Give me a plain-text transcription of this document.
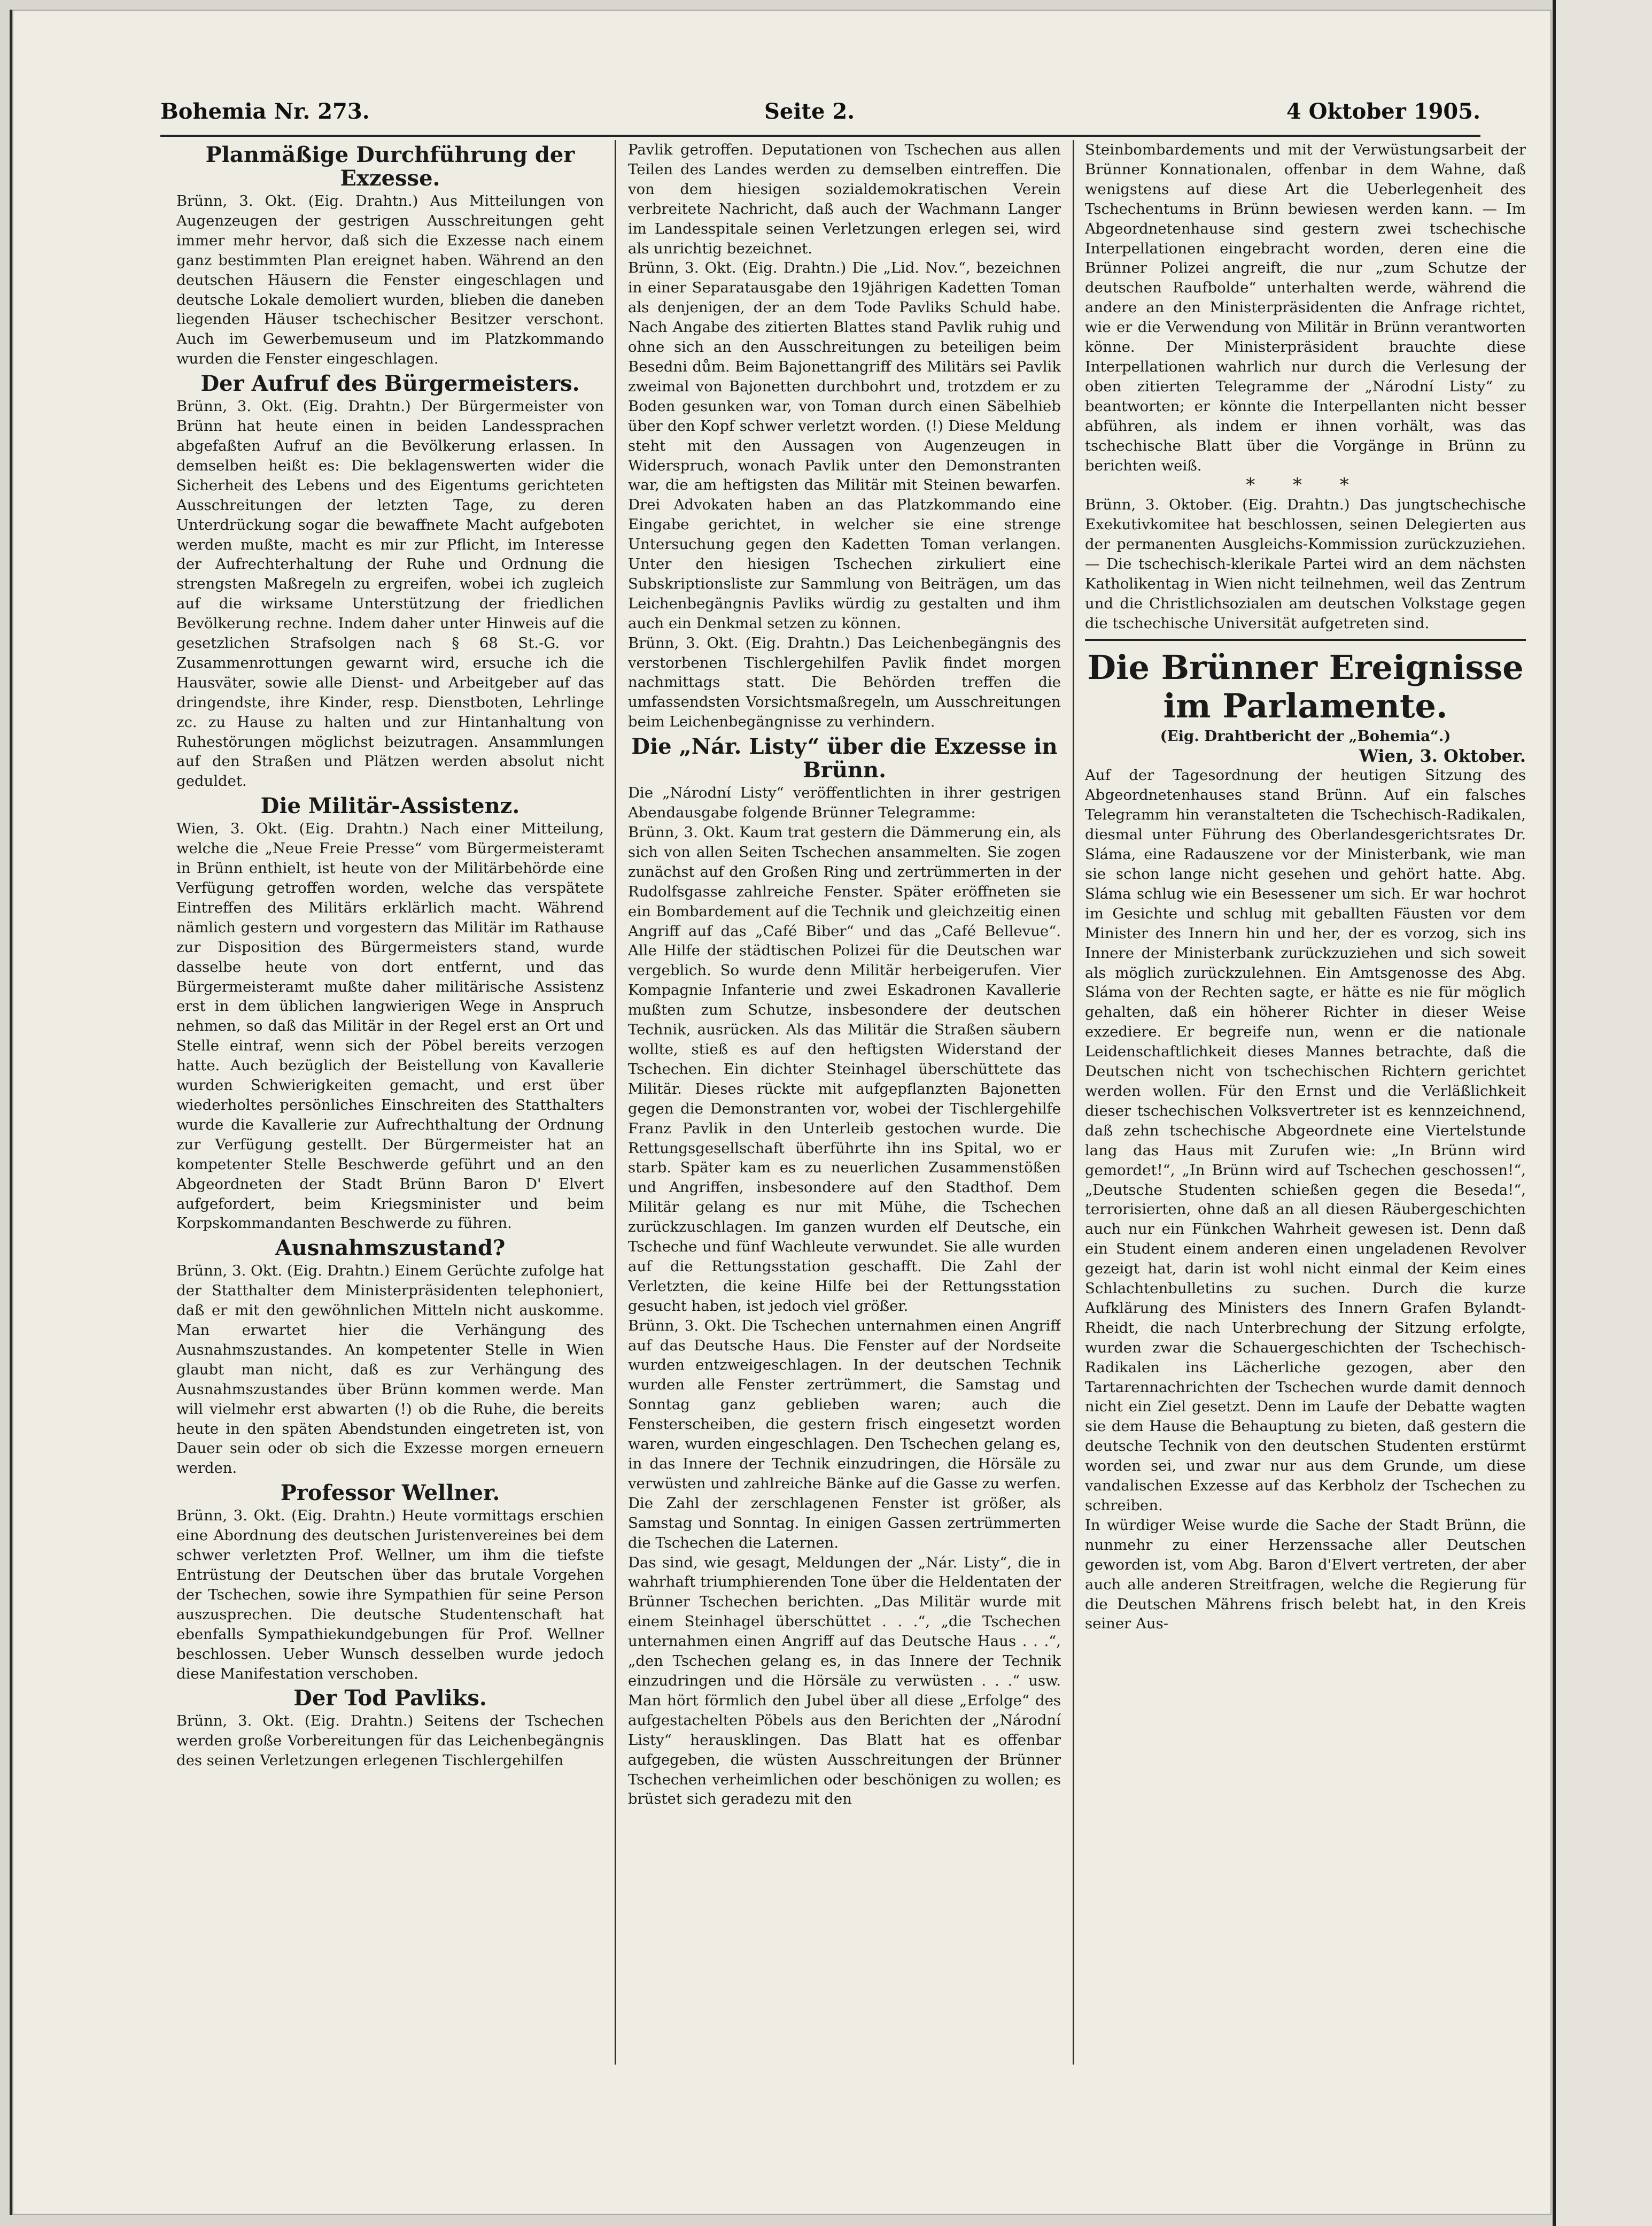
Bohemia Nr. 273.	Seite 2.	4 Oktober 1905.
Planmäßige Durchführung der Exzesse.

Brünn, 3. Okt. (Eig. Drahtn.) Aus Mitteilungen von Augenzeugen der gestrigen Ausschreitungen geht immer mehr hervor, daß sich die Exzesse nach einem ganz bestimmten Plan ereignet haben. Während an den deutschen Häusern die Fenster eingeschlagen und deutsche Lokale demoliert wurden, blieben die daneben liegenden Häuser tschechischer Besitzer verschont. Auch im Gewerbemuseum und im Platzkommando wurden die Fenster eingeschlagen.

Der Aufruf des Bürgermeisters.

Brünn, 3. Okt. (Eig. Drahtn.) Der Bürgermeister von Brünn hat heute einen in beiden Landessprachen abgefaßten Aufruf an die Bevölkerung erlassen. In demselben heißt es: Die beklagenswerten wider die Sicherheit des Lebens und des Eigentums gerichteten Ausschreitungen der letzten Tage, zu deren Unterdrückung sogar die bewaffnete Macht aufgeboten werden mußte, macht es mir zur Pflicht, im Interesse der Aufrechterhaltung der Ruhe und Ordnung die strengsten Maßregeln zu ergreifen, wobei ich zugleich auf die wirksame Unterstützung der friedlichen Bevölkerung rechne. Indem daher unter Hinweis auf die gesetzlichen Strafsolgen nach § 68 St.-G. vor Zusammenrottungen gewarnt wird, ersuche ich die Hausväter, sowie alle Dienst- und Arbeitgeber auf das dringendste, ihre Kinder, resp. Dienstboten, Lehrlinge zc. zu Hause zu halten und zur Hintanhaltung von Ruhestörungen möglichst beizutragen. Ansammlungen auf den Straßen und Plätzen werden absolut nicht geduldet.

Die Militär-Assistenz.

Wien, 3. Okt. (Eig. Drahtn.) Nach einer Mitteilung, welche die „Neue Freie Presse“ vom Bürgermeisteramt in Brünn enthielt, ist heute von der Militärbehörde eine Verfügung getroffen worden, welche das verspätete Eintreffen des Militärs erklärlich macht. Während nämlich gestern und vorgestern das Militär im Rathause zur Disposition des Bürgermeisters stand, wurde dasselbe heute von dort entfernt, und das Bürgermeisteramt mußte daher militärische Assistenz erst in dem üblichen langwierigen Wege in Anspruch nehmen, so daß das Militär in der Regel erst an Ort und Stelle eintraf, wenn sich der Pöbel bereits verzogen hatte. Auch bezüglich der Beistellung von Kavallerie wurden Schwierigkeiten gemacht, und erst über wiederholtes persönliches Einschreiten des Statthalters wurde die Kavallerie zur Aufrechthaltung der Ordnung zur Verfügung gestellt. Der Bürgermeister hat an kompetenter Stelle Beschwerde geführt und an den Abgeordneten der Stadt Brünn Baron D' Elvert aufgefordert, beim Kriegsminister und beim Korpskommandanten Beschwerde zu führen.

Ausnahmszustand?

Brünn, 3. Okt. (Eig. Drahtn.) Einem Gerüchte zufolge hat der Statthalter dem Ministerpräsidenten telephoniert, daß er mit den gewöhnlichen Mitteln nicht auskomme. Man erwartet hier die Verhängung des Ausnahmszustandes. An kompetenter Stelle in Wien glaubt man nicht, daß es zur Verhängung des Ausnahmszustandes über Brünn kommen werde. Man will vielmehr erst abwarten (!) ob die Ruhe, die bereits heute in den späten Abendstunden eingetreten ist, von Dauer sein oder ob sich die Exzesse morgen erneuern werden.

Professor Wellner.

Brünn, 3. Okt. (Eig. Drahtn.) Heute vormittags erschien eine Abordnung des deutschen Juristenvereines bei dem schwer verletzten Prof. Wellner, um ihm die tiefste Entrüstung der Deutschen über das brutale Vorgehen der Tschechen, sowie ihre Sympathien für seine Person auszusprechen. Die deutsche Studentenschaft hat ebenfalls Sympathiekundgebungen für Prof. Wellner beschlossen. Ueber Wunsch desselben wurde jedoch diese Manifestation verschoben.

Der Tod Pavliks.

Brünn, 3. Okt. (Eig. Drahtn.) Seitens der Tschechen werden große Vorbereitungen für das Leichenbegängnis des seinen Verletzungen erlegenen Tischlergehilfen

Pavlik getroffen. Deputationen von Tschechen aus allen Teilen des Landes werden zu demselben eintreffen. Die von dem hiesigen sozialdemokratischen Verein verbreitete Nachricht, daß auch der Wachmann Langer im Landesspitale seinen Verletzungen erlegen sei, wird als unrichtig bezeichnet.

Brünn, 3. Okt. (Eig. Drahtn.) Die „Lid. Nov.“, bezeichnen in einer Separatausgabe den 19jährigen Kadetten Toman als denjenigen, der an dem Tode Pavliks Schuld habe. Nach Angabe des zitierten Blattes stand Pavlik ruhig und ohne sich an den Ausschreitungen zu beteiligen beim Besedni dům. Beim Bajonettangriff des Militärs sei Pavlik zweimal von Bajonetten durchbohrt und, trotzdem er zu Boden gesunken war, von Toman durch einen Säbelhieb über den Kopf schwer verletzt worden. (!) Diese Meldung steht mit den Aussagen von Augenzeugen in Widerspruch, wonach Pavlik unter den Demonstranten war, die am heftigsten das Militär mit Steinen bewarfen. Drei Advokaten haben an das Platzkommando eine Eingabe gerichtet, in welcher sie eine strenge Untersuchung gegen den Kadetten Toman verlangen. Unter den hiesigen Tschechen zirkuliert eine Subskriptionsliste zur Sammlung von Beiträgen, um das Leichenbegängnis Pavliks würdig zu gestalten und ihm auch ein Denkmal setzen zu können.

Brünn, 3. Okt. (Eig. Drahtn.) Das Leichenbegängnis des verstorbenen Tischlergehilfen Pavlik findet morgen nachmittags statt. Die Behörden treffen die umfassendsten Vorsichtsmaßregeln, um Ausschreitungen beim Leichenbegängnisse zu verhindern.

Die „Nár. Listy“ über die Exzesse in Brünn.

Die „Národní Listy“ veröffentlichten in ihrer gestrigen Abendausgabe folgende Brünner Telegramme:

Brünn, 3. Okt. Kaum trat gestern die Dämmerung ein, als sich von allen Seiten Tschechen ansammelten. Sie zogen zunächst auf den Großen Ring und zertrümmerten in der Rudolfsgasse zahlreiche Fenster. Später eröffneten sie ein Bombardement auf die Technik und gleichzeitig einen Angriff auf das „Café Biber“ und das „Café Bellevue“. Alle Hilfe der städtischen Polizei für die Deutschen war vergeblich. So wurde denn Militär herbeigerufen. Vier Kompagnie Infanterie und zwei Eskadronen Kavallerie mußten zum Schutze, insbesondere der deutschen Technik, ausrücken. Als das Militär die Straßen säubern wollte, stieß es auf den heftigsten Widerstand der Tschechen. Ein dichter Steinhagel überschüttete das Militär. Dieses rückte mit aufgepflanzten Bajonetten gegen die Demonstranten vor, wobei der Tischlergehilfe Franz Pavlik in den Unterleib gestochen wurde. Die Rettungsgesellschaft überführte ihn ins Spital, wo er starb. Später kam es zu neuerlichen Zusammenstößen und Angriffen, insbesondere auf den Stadthof. Dem Militär gelang es nur mit Mühe, die Tschechen zurückzuschlagen. Im ganzen wurden elf Deutsche, ein Tscheche und fünf Wachleute verwundet. Sie alle wurden auf die Rettungsstation geschafft. Die Zahl der Verletzten, die keine Hilfe bei der Rettungsstation gesucht haben, ist jedoch viel größer.

Brünn, 3. Okt. Die Tschechen unternahmen einen Angriff auf das Deutsche Haus. Die Fenster auf der Nordseite wurden entzweigeschlagen. In der deutschen Technik wurden alle Fenster zertrümmert, die Samstag und Sonntag ganz geblieben waren; auch die Fensterscheiben, die gestern frisch eingesetzt worden waren, wurden eingeschlagen. Den Tschechen gelang es, in das Innere der Technik einzudringen, die Hörsäle zu verwüsten und zahlreiche Bänke auf die Gasse zu werfen. Die Zahl der zerschlagenen Fenster ist größer, als Samstag und Sonntag. In einigen Gassen zertrümmerten die Tschechen die Laternen.

Das sind, wie gesagt, Meldungen der „Nár. Listy“, die in wahrhaft triumphierenden Tone über die Heldentaten der Brünner Tschechen berichten. „Das Militär wurde mit einem Steinhagel überschüttet . . .“, „die Tschechen unternahmen einen Angriff auf das Deutsche Haus . . .“, „den Tschechen gelang es, in das Innere der Technik einzudringen und die Hörsäle zu verwüsten . . .“ usw. Man hört förmlich den Jubel über all diese „Erfolge“ des aufgestachelten Pöbels aus den Berichten der „Národní Listy“ herausklingen. Das Blatt hat es offenbar aufgegeben, die wüsten Ausschreitungen der Brünner Tschechen verheimlichen oder beschönigen zu wollen; es brüstet sich geradezu mit den

Steinbombardements und mit der Verwüstungsarbeit der Brünner Konnationalen, offenbar in dem Wahne, daß wenigstens auf diese Art die Ueberlegenheit des Tschechentums in Brünn bewiesen werden kann. — Im Abgeordnetenhause sind gestern zwei tschechische Interpellationen eingebracht worden, deren eine die Brünner Polizei angreift, die nur „zum Schutze der deutschen Raufbolde“ unterhalten werde, während die andere an den Ministerpräsidenten die Anfrage richtet, wie er die Verwendung von Militär in Brünn verantworten könne. Der Ministerpräsident brauchte diese Interpellationen wahrlich nur durch die Verlesung der oben zitierten Telegramme der „Národní Listy“ zu beantworten; er könnte die Interpellanten nicht besser abführen, als indem er ihnen vorhält, was das tschechische Blatt über die Vorgänge in Brünn zu berichten weiß.

* * *

Brünn, 3. Oktober. (Eig. Drahtn.) Das jungtschechische Exekutivkomitee hat beschlossen, seinen Delegierten aus der permanenten Ausgleichs-Kommission zurückzuziehen. — Die tschechisch-klerikale Partei wird an dem nächsten Katholikentag in Wien nicht teilnehmen, weil das Zentrum und die Christlichsozialen am deutschen Volkstage gegen die tschechische Universität aufgetreten sind.

Die Brünner Ereignisse im Parlamente.

(Eig. Drahtbericht der „Bohemia“.)

Wien, 3. Oktober.

Auf der Tagesordnung der heutigen Sitzung des Abgeordnetenhauses stand Brünn. Auf ein falsches Telegramm hin veranstalteten die Tschechisch-Radikalen, diesmal unter Führung des Oberlandesgerichtsrates Dr. Sláma, eine Radauszene vor der Ministerbank, wie man sie schon lange nicht gesehen und gehört hatte. Abg. Sláma schlug wie ein Besessener um sich. Er war hochrot im Gesichte und schlug mit geballten Fäusten vor dem Minister des Innern hin und her, der es vorzog, sich ins Innere der Ministerbank zurückzuziehen und sich soweit als möglich zurückzulehnen. Ein Amtsgenosse des Abg. Sláma von der Rechten sagte, er hätte es nie für möglich gehalten, daß ein höherer Richter in dieser Weise exzediere. Er begreife nun, wenn er die nationale Leidenschaftlichkeit dieses Mannes betrachte, daß die Deutschen nicht von tschechischen Richtern gerichtet werden wollen. Für den Ernst und die Verläßlichkeit dieser tschechischen Volksvertreter ist es kennzeichnend, daß zehn tschechische Abgeordnete eine Viertelstunde lang das Haus mit Zurufen wie: „In Brünn wird gemordet!“, „In Brünn wird auf Tschechen geschossen!“, „Deutsche Studenten schießen gegen die Beseda!“, terrorisierten, ohne daß an all diesen Räubergeschichten auch nur ein Fünkchen Wahrheit gewesen ist. Denn daß ein Student einem anderen einen ungeladenen Revolver gezeigt hat, darin ist wohl nicht einmal der Keim eines Schlachtenbulletins zu suchen. Durch die kurze Aufklärung des Ministers des Innern Grafen Bylandt-Rheidt, die nach Unterbrechung der Sitzung erfolgte, wurden zwar die Schauergeschichten der Tschechisch-Radikalen ins Lächerliche gezogen, aber den Tartarennachrichten der Tschechen wurde damit dennoch nicht ein Ziel gesetzt. Denn im Laufe der Debatte wagten sie dem Hause die Behauptung zu bieten, daß gestern die deutsche Technik von den deutschen Studenten erstürmt worden sei, und zwar nur aus dem Grunde, um diese vandalischen Exzesse auf das Kerbholz der Tschechen zu schreiben.

In würdiger Weise wurde die Sache der Stadt Brünn, die nunmehr zu einer Herzenssache aller Deutschen geworden ist, vom Abg. Baron d'Elvert vertreten, der aber auch alle anderen Streitfragen, welche die Regierung für die Deutschen Mährens frisch belebt hat, in den Kreis seiner Aus-
